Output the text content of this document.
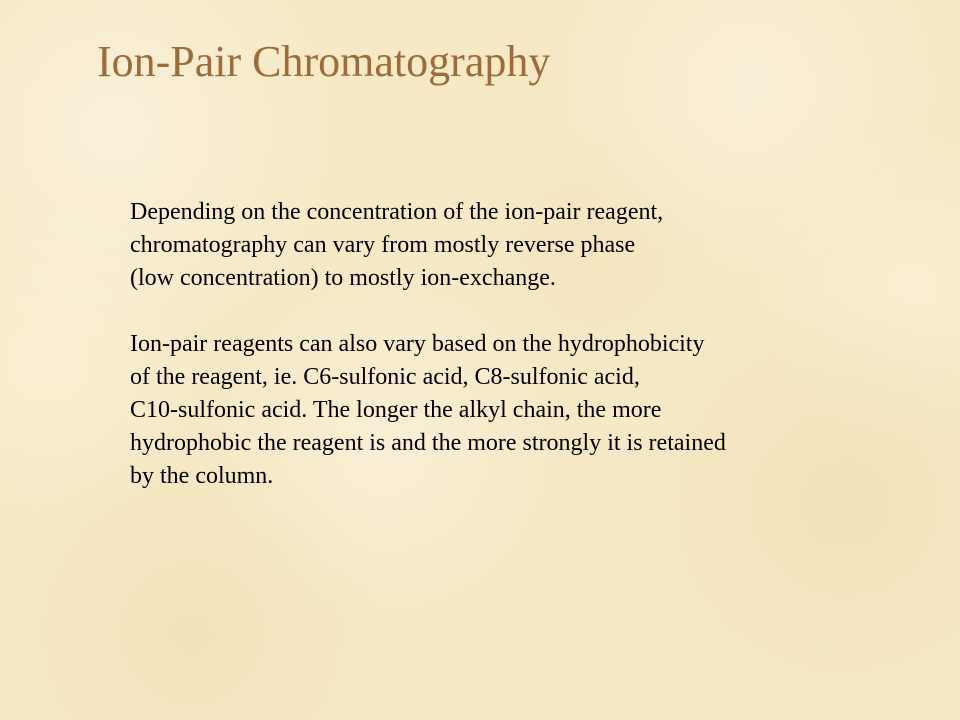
Ion-Pair Chromatography

Depending on the concentration of the ion-pair reagent,
chromatography can vary from mostly reverse phase
(low concentration) to mostly ion-exchange.

Ion-pair reagents can also vary based on the hydrophobicity
of the reagent, ie. C6-sulfonic acid, C8-sulfonic acid,
C10-sulfonic acid. The longer the alkyl chain, the more
hydrophobic the reagent is and the more strongly it is retained
by the column.
